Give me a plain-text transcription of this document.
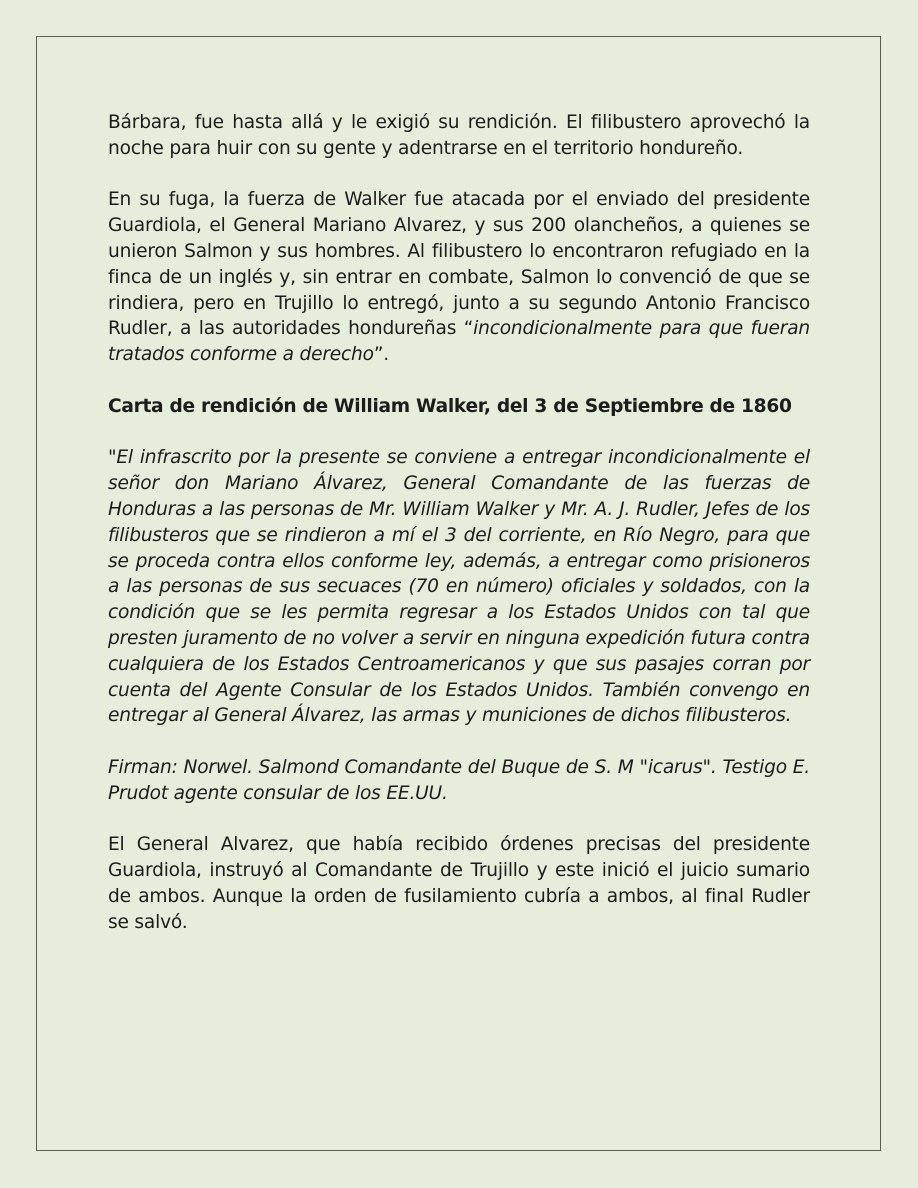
Bárbara, fue hasta allá y le exigió su rendición. El filibustero aprovechó la noche para huir con su gente y adentrarse en el territorio hondureño.

En su fuga, la fuerza de Walker fue atacada por el enviado del presidente Guardiola, el General Mariano Alvarez, y sus 200 olancheños, a quienes se unieron Salmon y sus hombres. Al filibustero lo encontraron refugiado en la finca de un inglés y, sin entrar en combate, Salmon lo convenció de que se rindiera, pero en Trujillo lo entregó, junto a su segundo Antonio Francisco Rudler, a las autoridades hondureñas “incondicionalmente para que fueran tratados conforme a derecho”.

Carta de rendición de William Walker, del 3 de Septiembre de 1860

"El infrascrito por la presente se conviene a entregar incondicionalmente el señor don Mariano Álvarez, General Comandante de las fuerzas de Honduras a las personas de Mr. William Walker y Mr. A. J. Rudler, Jefes de los filibusteros que se rindieron a mí el 3 del corriente, en Río Negro, para que se proceda contra ellos conforme ley, además, a entregar como prisioneros a las personas de sus secuaces (70 en número) oficiales y soldados, con la condición que se les permita regresar a los Estados Unidos con tal que presten juramento de no volver a servir en ninguna expedición futura contra cualquiera de los Estados Centroamericanos y que sus pasajes corran por cuenta del Agente Consular de los Estados Unidos. También convengo en entregar al General Álvarez, las armas y municiones de dichos filibusteros.

Firman: Norwel. Salmond Comandante del Buque de S. M "icarus". Testigo E. Prudot agente consular de los EE.UU.

El General Alvarez, que había recibido órdenes precisas del presidente Guardiola, instruyó al Comandante de Trujillo y este inició el juicio sumario de ambos. Aunque la orden de fusilamiento cubría a ambos, al final Rudler se salvó.
